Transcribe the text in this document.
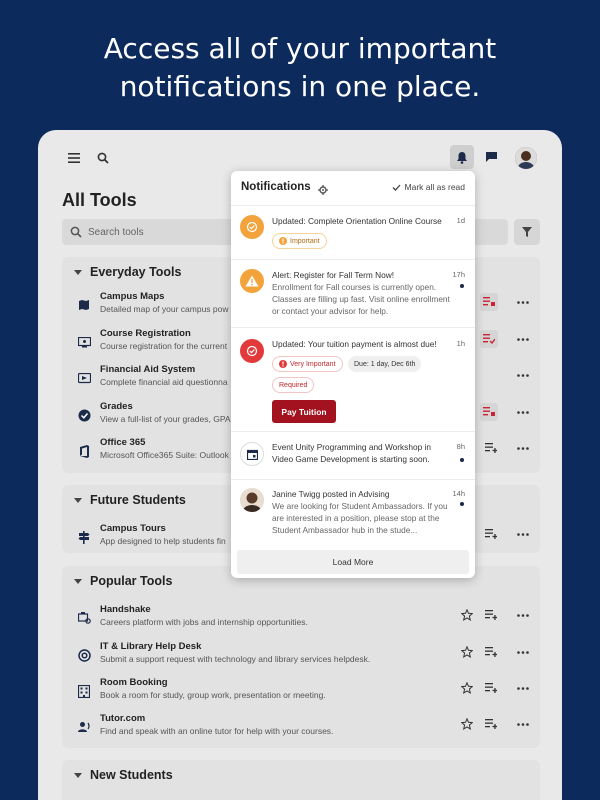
Access all of your important
notifications in one place.
All Tools
Search tools
Everyday Tools
Campus Maps
Detailed map of your campus pow
Course Registration
Course registration for the current
Financial Aid System
Complete financial aid questionna
Grades
View a full-list of your grades, GPA
Office 365
Microsoft Office365 Suite: Outlook
Future Students
Campus Tours
App designed to help students fin
Popular Tools
Handshake
Careers platform with jobs and internship opportunities.
IT & Library Help Desk
Submit a support request with technology and library services helpdesk.
Room Booking
Book a room for study, group work, presentation or meeting.
Tutor.com
Find and speak with an online tutor for help with your courses.
New Students
Notifications	Mark all as read
Updated: Complete Orientation Online Course	1d
Important
Alert: Register for Fall Term Now!
Enrollment for Fall courses is currently open. Classes are filling up fast. Visit online enrollment or contact your advisor for help.
17h
Updated: Your tuition payment is almost due!	1h
Very Important	Due: 1 day, Dec 6th
Required
Pay Tuition
Event Unity Programming and Workshop in Video Game Development is starting soon.
8h
Janine Twigg posted in Advising
We are looking for Student Ambassadors. If you are interested in a position, please stop at the Student Ambassador hub in the stude...
14h
Load More
